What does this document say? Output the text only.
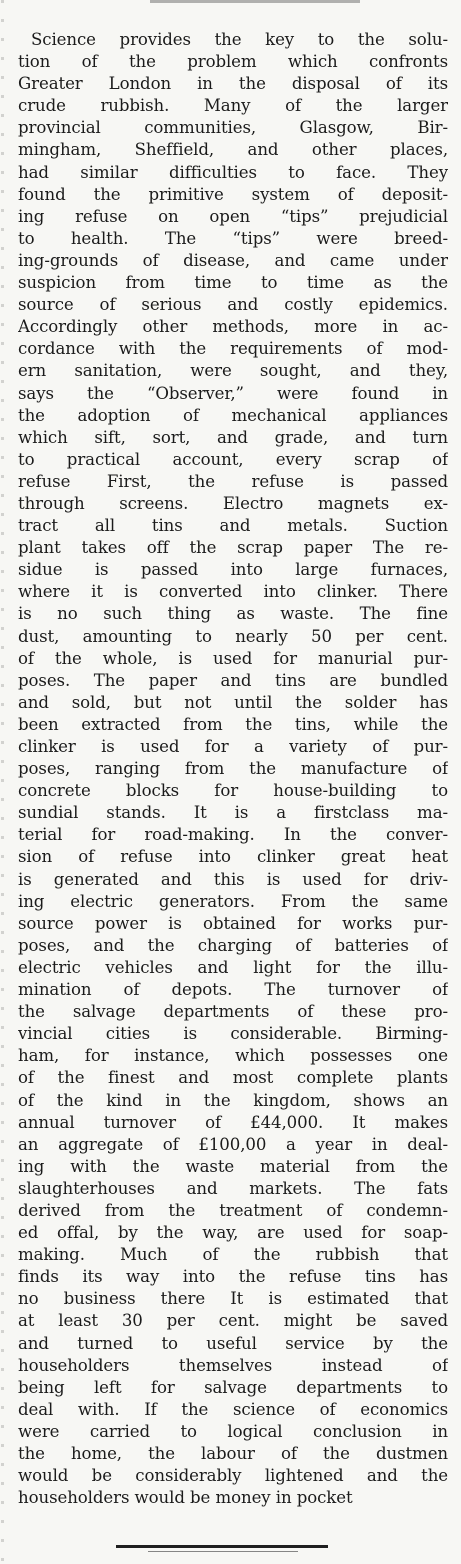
Science provides the key to the solu-
tion of the problem which confronts
Greater London in the disposal of its
crude rubbish. Many of the larger
provincial communities, Glasgow, Bir-
mingham, Sheffield, and other places,
had similar difficulties to face. They
found the primitive system of deposit-
ing refuse on open “tips” prejudicial
to health. The “tips” were breed-
ing-grounds of disease, and came under
suspicion from time to time as the
source of serious and costly epidemics.
Accordingly other methods, more in ac-
cordance with the requirements of mod-
ern sanitation, were sought, and they,
says the “Observer,” were found in
the adoption of mechanical appliances
which sift, sort, and grade, and turn
to practical account, every scrap of
refuse First, the refuse is passed
through screens. Electro magnets ex-
tract all tins and metals. Suction
plant takes off the scrap paper The re-
sidue is passed into large furnaces,
where it is converted into clinker. There
is no such thing as waste. The fine
dust, amounting to nearly 50 per cent.
of the whole, is used for manurial pur-
poses. The paper and tins are bundled
and sold, but not until the solder has
been extracted from the tins, while the
clinker is used for a variety of pur-
poses, ranging from the manufacture of
concrete blocks for house-building to
sundial stands. It is a firstclass ma-
terial for road-making. In the conver-
sion of refuse into clinker great heat
is generated and this is used for driv-
ing electric generators. From the same
source power is obtained for works pur-
poses, and the charging of batteries of
electric vehicles and light for the illu-
mination of depots. The turnover of
the salvage departments of these pro-
vincial cities is considerable. Birming-
ham, for instance, which possesses one
of the finest and most complete plants
of the kind in the kingdom, shows an
annual turnover of £44,000. It makes
an aggregate of £100,00 a year in deal-
ing with the waste material from the
slaughterhouses and markets. The fats
derived from the treatment of condemn-
ed offal, by the way, are used for soap-
making. Much of the rubbish that
finds its way into the refuse tins has
no business there It is estimated that
at least 30 per cent. might be saved
and turned to useful service by the
householders themselves instead of
being left for salvage departments to
deal with. If the science of economics
were carried to logical conclusion in
the home, the labour of the dustmen
would be considerably lightened and the
householders would be money in pocket
